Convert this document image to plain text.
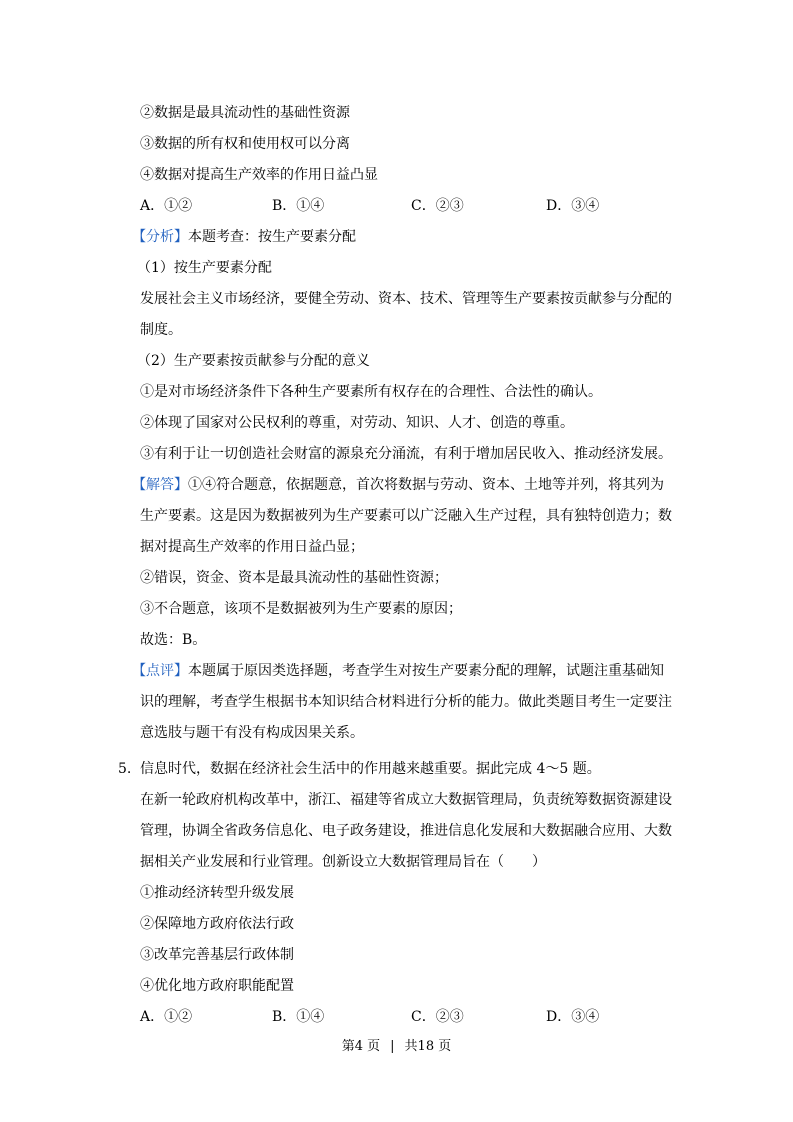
②数据是最具流动性的基础性资源
③数据的所有权和使用权可以分离
④数据对提高生产效率的作用日益凸显
A．①②	B．①④	C．②③	D．③④
【分析】本题考查：按生产要素分配
（1）按生产要素分配
发展社会主义市场经济，要健全劳动、资本、技术、管理等生产要素按贡献参与分配的
制度。
（2）生产要素按贡献参与分配的意义
①是对市场经济条件下各种生产要素所有权存在的合理性、合法性的确认。
②体现了国家对公民权利的尊重，对劳动、知识、人才、创造的尊重。
③有利于让一切创造社会财富的源泉充分涌流，有利于增加居民收入、推动经济发展。
【解答】①④符合题意，依据题意，首次将数据与劳动、资本、土地等并列，将其列为
生产要素。这是因为数据被列为生产要素可以广泛融入生产过程，具有独特创造力；数
据对提高生产效率的作用日益凸显；
②错误，资金、资本是最具流动性的基础性资源；
③不合题意，该项不是数据被列为生产要素的原因；
故选：B。
【点评】本题属于原因类选择题，考查学生对按生产要素分配的理解，试题注重基础知
识的理解，考查学生根据书本知识结合材料进行分析的能力。做此类题目考生一定要注
意选肢与题干有没有构成因果关系。
5. 信息时代，数据在经济社会生活中的作用越来越重要。据此完成 4～5 题。
在新一轮政府机构改革中，浙江、福建等省成立大数据管理局，负责统筹数据资源建设
管理，协调全省政务信息化、电子政务建设，推进信息化发展和大数据融合应用、大数
据相关产业发展和行业管理。创新设立大数据管理局旨在（　　）
①推动经济转型升级发展
②保障地方政府依法行政
③改革完善基层行政体制
④优化地方政府职能配置
A．①②	B．①④	C．②③	D．③④
第4 页 | 共18 页
